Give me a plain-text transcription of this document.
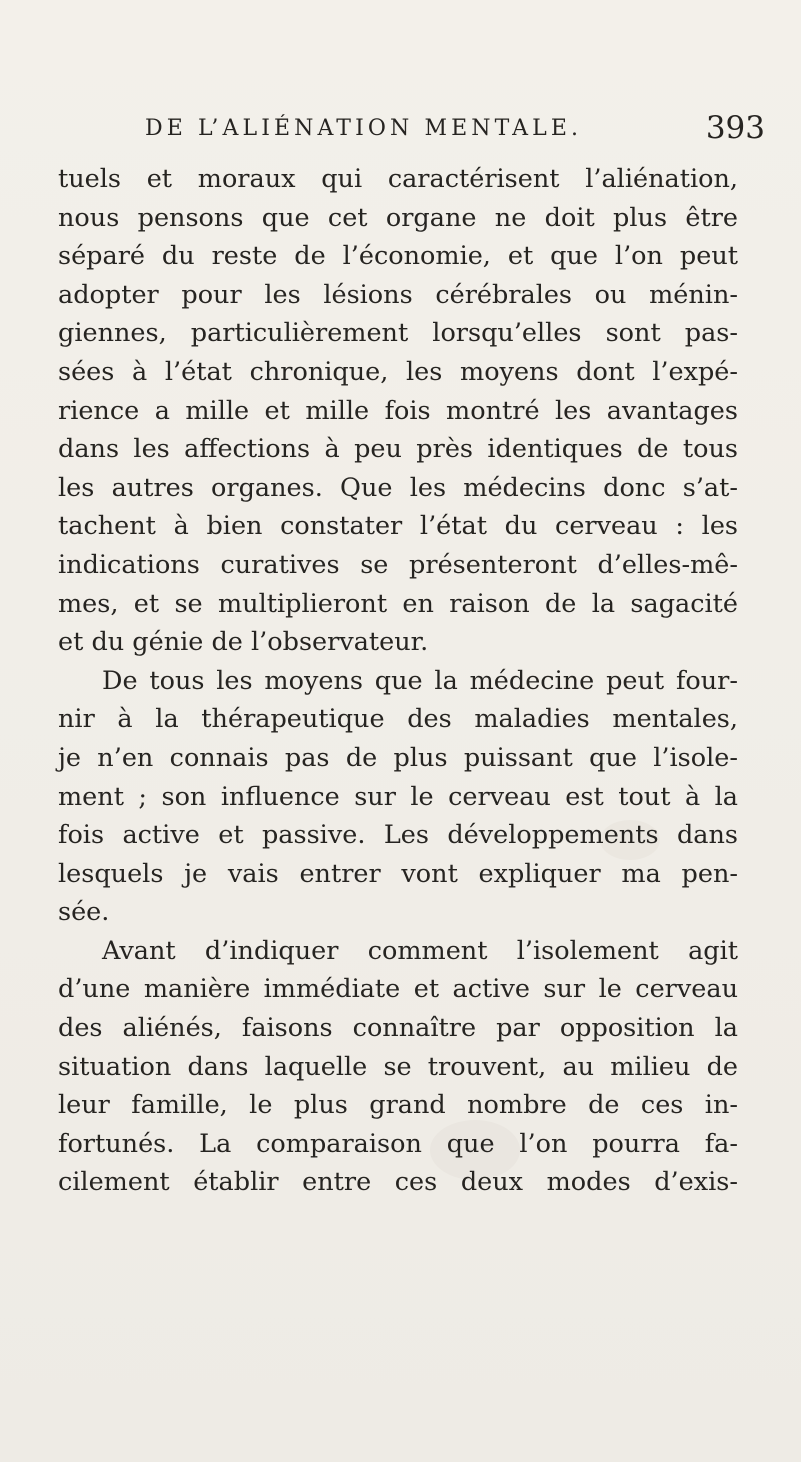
DE L’ALIÉNATION MENTALE.	393
tuels et moraux qui caractérisent l’aliénation,
nous pensons que cet organe ne doit plus être
séparé du reste de l’économie, et que l’on peut
adopter pour les lésions cérébrales ou ménin-
giennes, particulièrement lorsqu’elles sont pas-
sées à l’état chronique, les moyens dont l’expé-
rience a mille et mille fois montré les avantages
dans les affections à peu près identiques de tous
les autres organes. Que les médecins donc s’at-
tachent à bien constater l’état du cerveau : les
indications curatives se présenteront d’elles-mê-
mes, et se multiplieront en raison de la sagacité
et du génie de l’observateur.
De tous les moyens que la médecine peut four-
nir à la thérapeutique des maladies mentales,
je n’en connais pas de plus puissant que l’isole-
ment ; son influence sur le cerveau est tout à la
fois active et passive. Les développements dans
lesquels je vais entrer vont expliquer ma pen-
sée.
Avant d’indiquer comment l’isolement agit
d’une manière immédiate et active sur le cerveau
des aliénés, faisons connaître par opposition la
situation dans laquelle se trouvent, au milieu de
leur famille, le plus grand nombre de ces in-
fortunés. La comparaison que l’on pourra fa-
cilement établir entre ces deux modes d’exis-
